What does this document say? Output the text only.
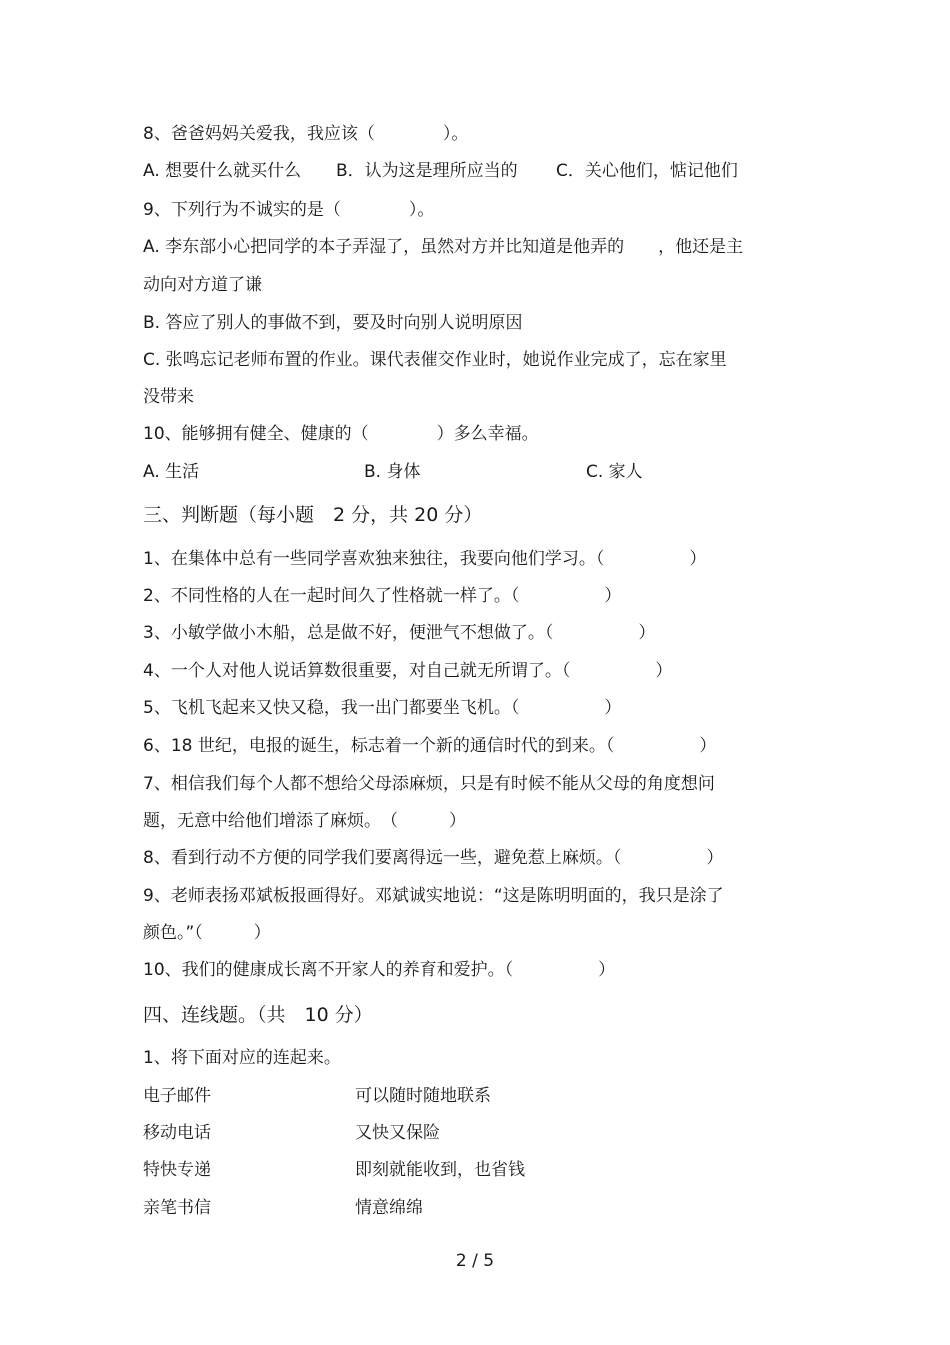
8、爸爸妈妈关爱我，我应该（　　　　）。
A. 想要什么就买什么 B．认为这是理所应当的 C．关心他们，惦记他们
9、下列行为不诚实的是（　　　　）。
A. 李东部小心把同学的本子弄湿了，虽然对方并比知道是他弄的　　，他还是主
动向对方道了谦
B. 答应了别人的事做不到，要及时向别人说明原因
C. 张鸣忘记老师布置的作业。课代表催交作业时，她说作业完成了，忘在家里
没带来
10、能够拥有健全、健康的（　　　　）多么幸福。
A. 生活	B. 身体	C. 家人
三、判断题（每小题　2 分，共 20 分）
1、在集体中总有一些同学喜欢独来独往，我要向他们学习。（　　　　　）
2、不同性格的人在一起时间久了性格就一样了。（　　　　　）
3、小敏学做小木船，总是做不好，便泄气不想做了。（　　　　　）
4、一个人对他人说话算数很重要，对自己就无所谓了。（　　　　　）
5、飞机飞起来又快又稳，我一出门都要坐飞机。（　　　　　）
6、18 世纪，电报的诞生，标志着一个新的通信时代的到来。（　　　　　）
7、相信我们每个人都不想给父母添麻烦，只是有时候不能从父母的角度想问
题，无意中给他们增添了麻烦。　（　　　）
8、看到行动不方便的同学我们要离得远一些，避免惹上麻烦。（　　　　　）
9、老师表扬邓斌板报画得好。邓斌诚实地说：“这是陈明明面的，我只是涂了
颜色。”（　　　）
10、我们的健康成长离不开家人的养育和爱护。（　　　　　）
四、连线题。（共　10 分）
1、将下面对应的连起来。
电子邮件	可以随时随地联系
移动电话	又快又保险
特快专递	即刻就能收到，也省钱
亲笔书信	情意绵绵
2 / 5
